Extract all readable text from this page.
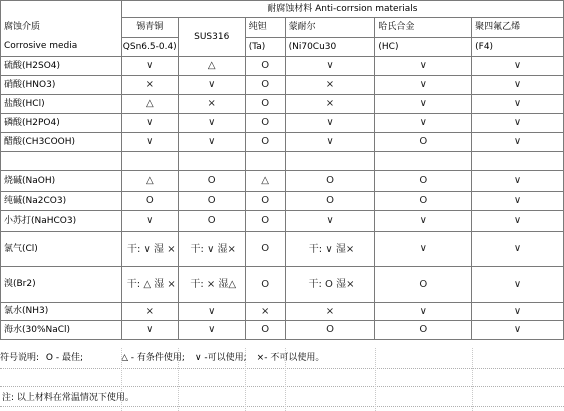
	耐腐蚀材料 Anti-corrsion materials					
腐蚀介质	锡青铜	SUS316	纯钽	蒙耐尔	哈氏合金	聚四氟乙烯
Corrosive media	QSn6.5-0.4)		(Ta)	(Ni70Cu30	(HC)	(F4)
硫酸(H2SO4)	∨	△	O	∨	∨	∨
硝酸(HNO3)	×	∨	O	×	∨	∨
盐酸(HCl)	△	×	O	×	∨	∨
磷酸(H2PO4)	∨	∨	O	∨	∨	∨
醋酸(CH3COOH)	∨	∨	O	∨	O	∨

烧碱(NaOH)	△	O	△	O	O	∨
纯碱(Na2CO3)	O	O	O	O	O	∨
小苏打(NaHCO3)	∨	O	O	∨	∨	∨
氯气(Cl)	干: ∨ 湿 ×	干: ∨ 湿×	O	干: ∨ 湿×	∨	∨
溴(Br2)	干: △ 湿 ×	干: × 湿△	O	干: O 湿×	O	∨
氯水(NH3)	×	∨	×	×	∨	∨
海水(30%NaCl)	∨	∨	O	O	O	∨
符号说明: O - 最佳;	△ - 有条件使用; ∨ -可以使用; ×- 不可以使用。
注: 以上材料在常温情况下使用。
